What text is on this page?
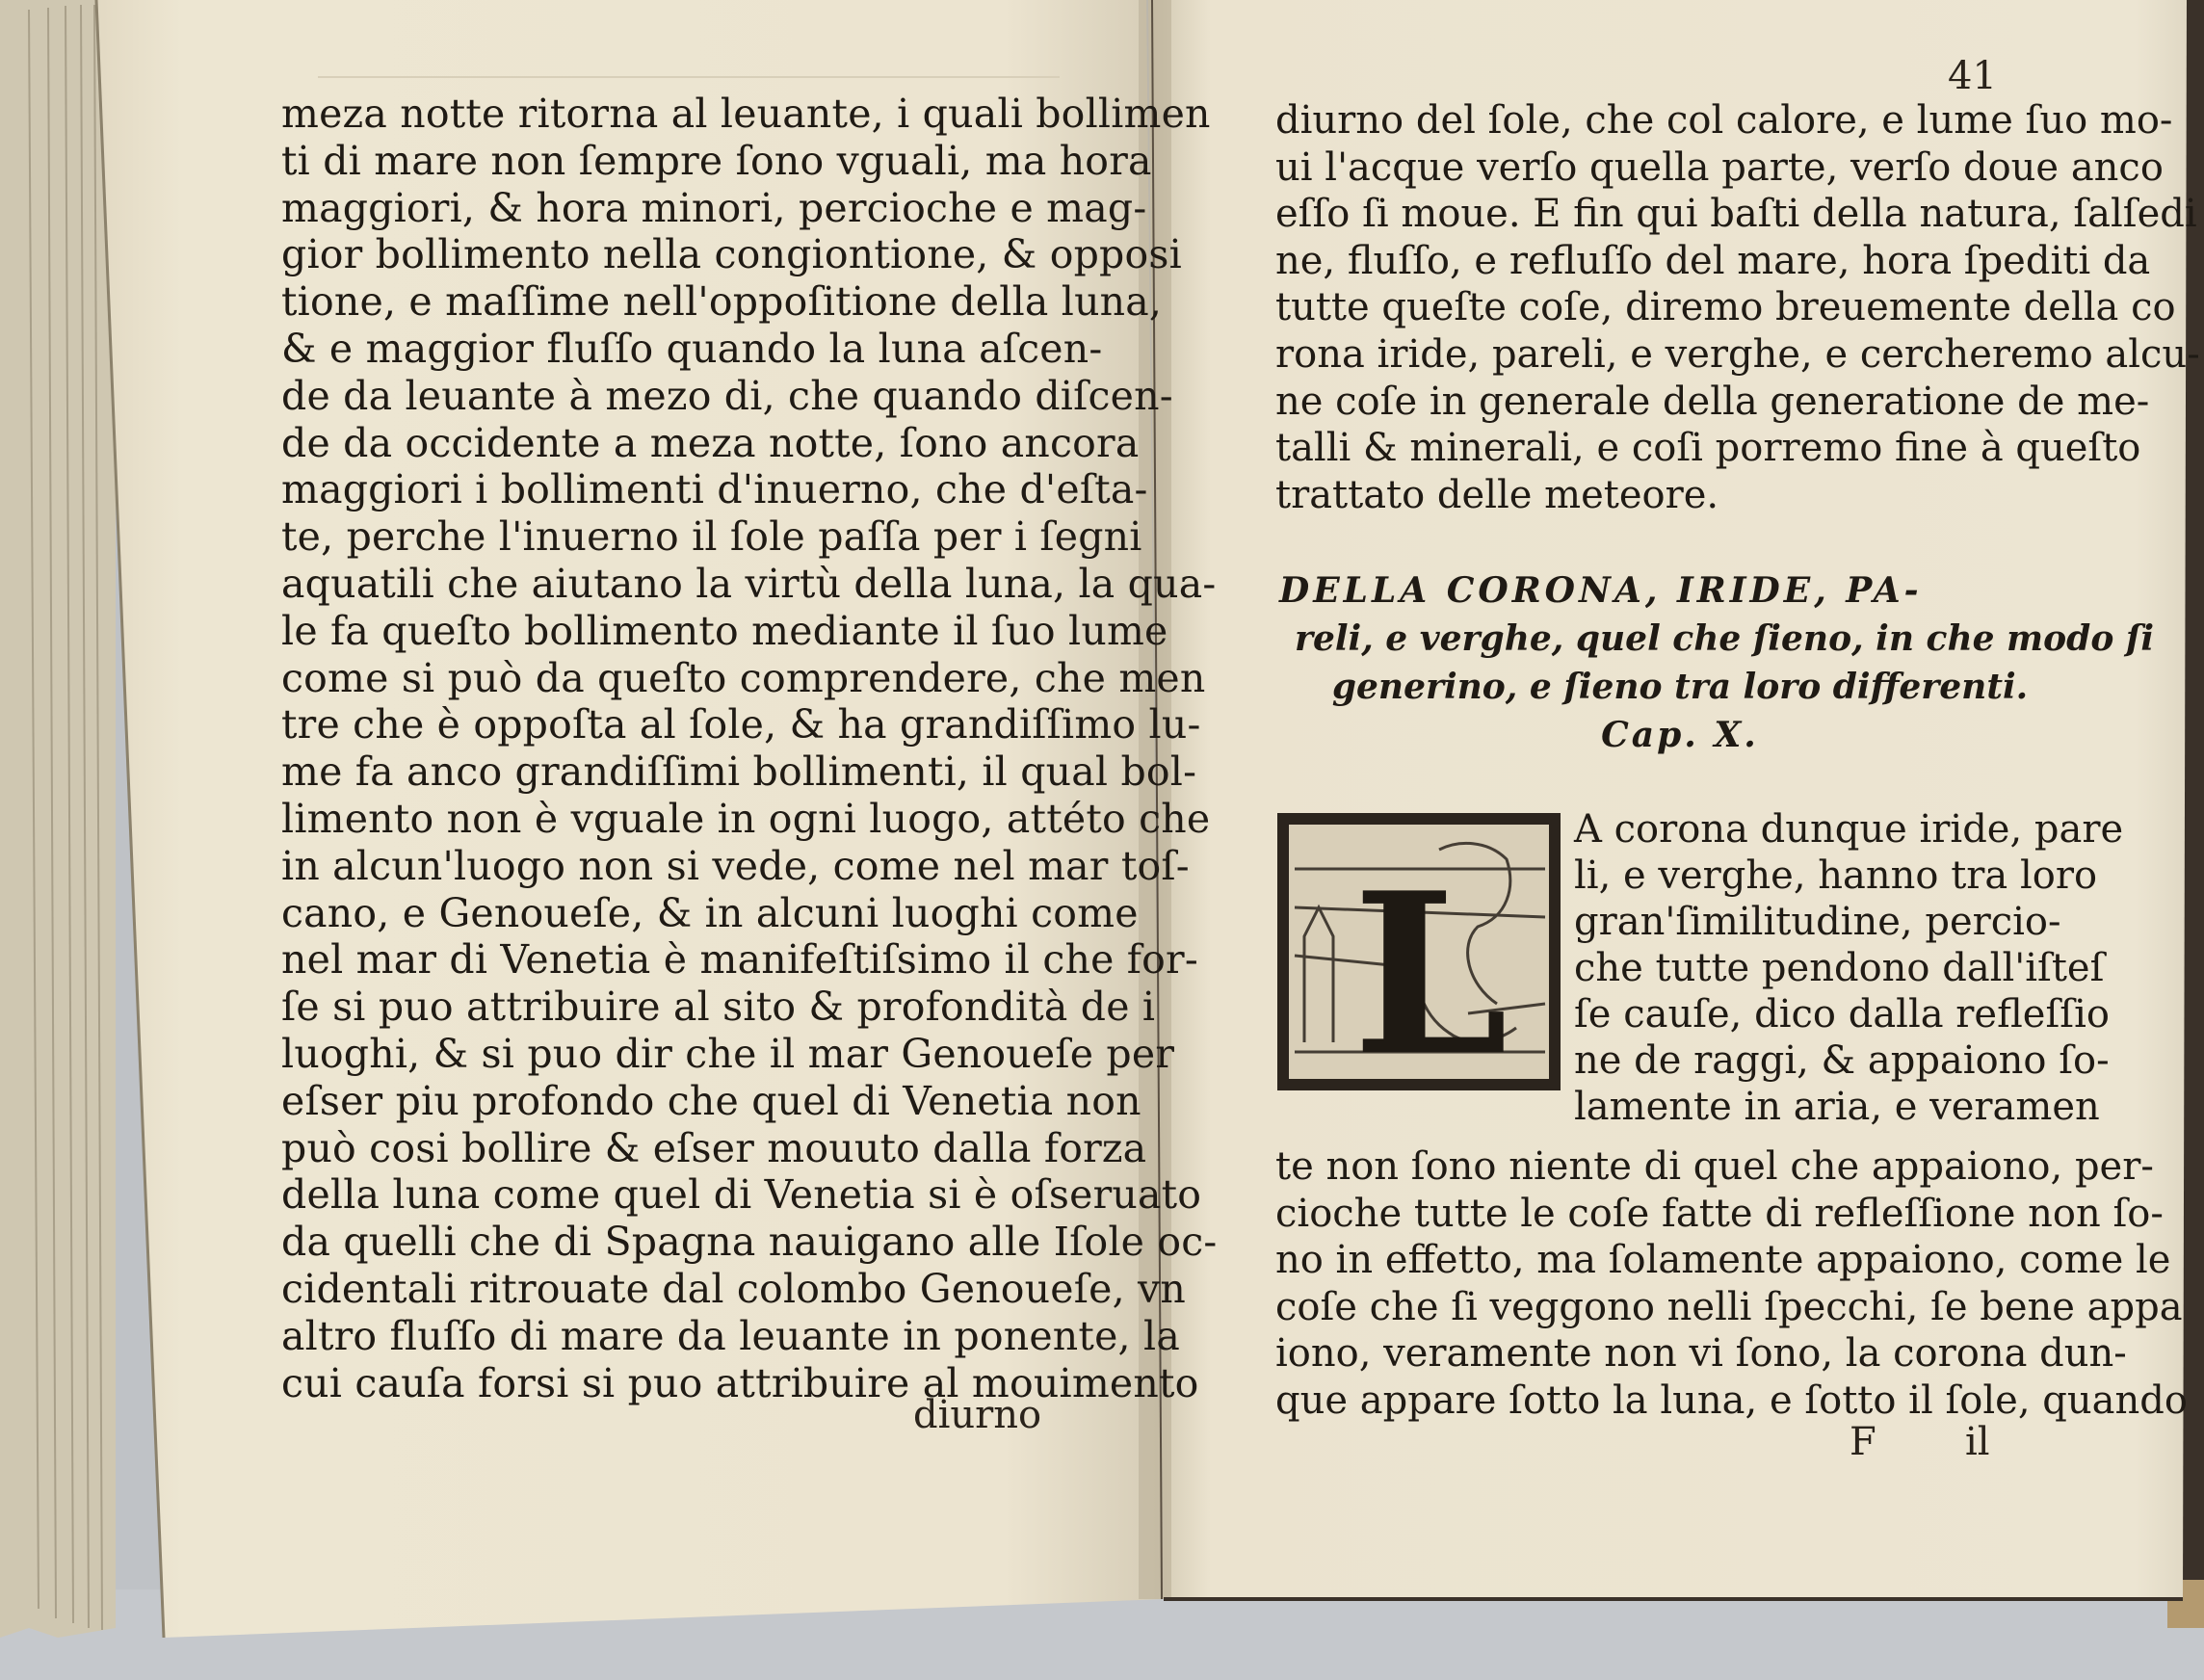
meza notte ritorna al leuante, i quali bollimen
ti di mare non ſempre ſono vguali, ma hora
maggiori, & hora minori, percioche e mag-
gior bollimento nella congiontione, & opposi
tione, e maſſime nell'oppoſitione della luna,
& e maggior fluſſo quando la luna aſcen-
de da leuante à mezo di, che quando diſcen-
de da occidente a meza notte, ſono ancora
maggiori i bollimenti d'inuerno, che d'eſta-
te, perche l'inuerno il ſole paſſa per i ſegni
aquatili che aiutano la virtù della luna, la qua-
le fa queſto bollimento mediante il ſuo lume
come si può da queſto comprendere, che men
tre che è oppoſta al ſole, & ha grandiſſimo lu-
me fa anco grandiſſimi bollimenti, il qual bol-
limento non è vguale in ogni luogo, attéto che
in alcun'luogo non si vede, come nel mar toſ-
cano, e Genoueſe, & in alcuni luoghi come
nel mar di Venetia è manifeſtiſsimo il che for-
ſe si puo attribuire al sito & profondità de i
luoghi, & si puo dir che il mar Genoueſe per
eſser piu profondo che quel di Venetia non
può cosi bollire & eſser mouuto dalla forza
della luna come quel di Venetia si è oſseruato
da quelli che di Spagna nauigano alle Iſole oc-
cidentali ritrouate dal colombo Genoueſe, vn
altro fluſſo di mare da leuante in ponente, la
cui cauſa forsi si puo attribuire al mouimento
diurno
41
diurno del ſole, che col calore, e lume ſuo mo-
ui l'acque verſo quella parte, verſo doue anco
eſſo ſi moue. E fin qui baſti della natura, ſalſedi
ne, fluſſo, e refluſſo del mare, hora ſpediti da
tutte queſte coſe, diremo breuemente della co
rona iride, pareli, e verghe, e cercheremo alcu-
ne coſe in generale della generatione de me-
talli & minerali, e coſi porremo fine à queſto
trattato delle meteore.
DELLA CORONA, IRIDE, PA-
reli, e verghe, quel che ſieno, in che modo ſi
generino, e ſieno tra loro differenti.
Cap. X.
A corona dunque iride, pare
li, e verghe, hanno tra loro
gran'ſimilitudine, percio-
che tutte pendono dall'iſteſ
ſe cauſe, dico dalla refleſſio
ne de raggi, & appaiono ſo-
lamente in aria, e veramen
te non ſono niente di quel che appaiono, per-
cioche tutte le coſe fatte di refleſſione non ſo-
no in effetto, ma ſolamente appaiono, come le
coſe che ſi veggono nelli ſpecchi, ſe bene appa
iono, veramente non vi ſono, la corona dun-
que appare ſotto la luna, e ſotto il ſole, quando
L
F il
